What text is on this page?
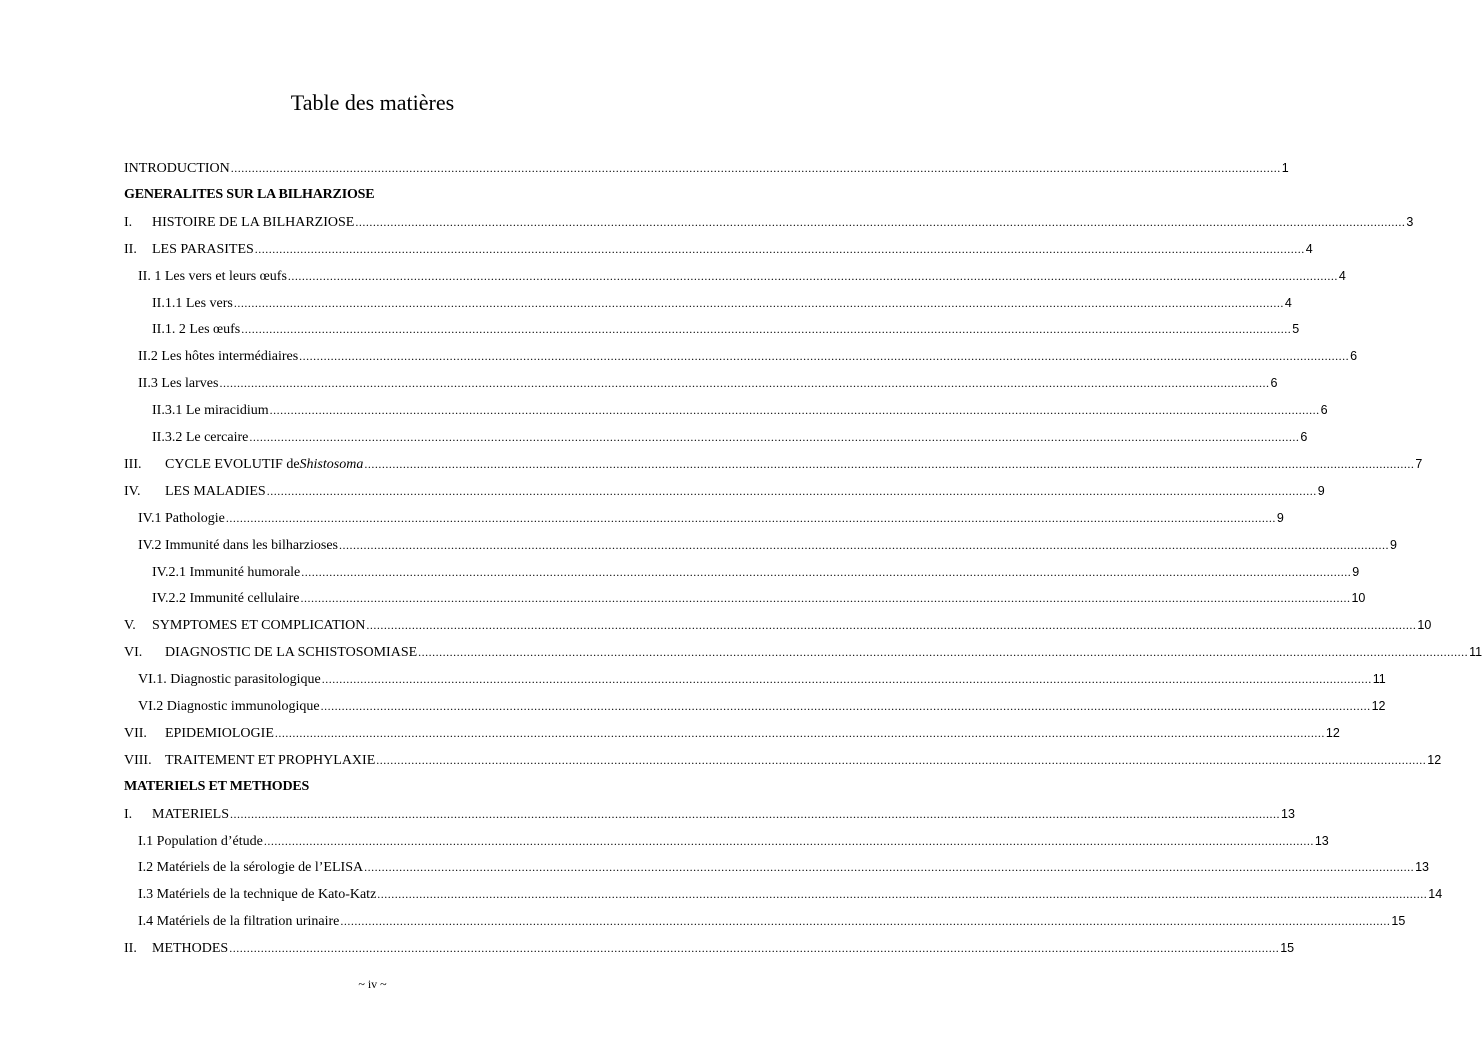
Table des matières
INTRODUCTION ............................................................................................................................................................................................................................................................................................................ 1
GENERALITES SUR LA BILHARZIOSE
I.	HISTOIRE DE LA BILHARZIOSE ............................................................................................................................................................................................................................................................................................................ 3
II.	LES PARASITES ............................................................................................................................................................................................................................................................................................................ 4
II. 1 Les vers et leurs œufs ............................................................................................................................................................................................................................................................................................................ 4
II.1.1 Les vers ............................................................................................................................................................................................................................................................................................................ 4
II.1. 2 Les œufs ............................................................................................................................................................................................................................................................................................................ 5
II.2 Les hôtes intermédiaires ............................................................................................................................................................................................................................................................................................................ 6
II.3 Les larves ............................................................................................................................................................................................................................................................................................................ 6
II.3.1 Le miracidium ............................................................................................................................................................................................................................................................................................................ 6
II.3.2 Le cercaire ............................................................................................................................................................................................................................................................................................................ 6
III.	CYCLE EVOLUTIF de Shistosoma ............................................................................................................................................................................................................................................................................................................ 7
IV.	LES MALADIES ............................................................................................................................................................................................................................................................................................................ 9
IV.1 Pathologie ............................................................................................................................................................................................................................................................................................................ 9
IV.2 Immunité dans les bilharzioses ............................................................................................................................................................................................................................................................................................................ 9
IV.2.1 Immunité humorale ............................................................................................................................................................................................................................................................................................................ 9
IV.2.2 Immunité cellulaire ............................................................................................................................................................................................................................................................................................................ 10
V.	SYMPTOMES ET COMPLICATION ............................................................................................................................................................................................................................................................................................................ 10
VI.	DIAGNOSTIC DE LA SCHISTOSOMIASE ............................................................................................................................................................................................................................................................................................................ 11
VI.1. Diagnostic parasitologique ............................................................................................................................................................................................................................................................................................................ 11
VI.2 Diagnostic immunologique ............................................................................................................................................................................................................................................................................................................ 12
VII.	EPIDEMIOLOGIE ............................................................................................................................................................................................................................................................................................................ 12
VIII. TRAITEMENT ET PROPHYLAXIE ............................................................................................................................................................................................................................................................................................................ 12
MATERIELS ET METHODES
I.	MATERIELS ............................................................................................................................................................................................................................................................................................................ 13
I.1 Population d’étude ............................................................................................................................................................................................................................................................................................................ 13
I.2 Matériels de la sérologie de l’ELISA ............................................................................................................................................................................................................................................................................................................ 13
I.3 Matériels de la technique de Kato-Katz ............................................................................................................................................................................................................................................................................................................ 14
I.4 Matériels de la filtration urinaire ............................................................................................................................................................................................................................................................................................................ 15
II.	METHODES ............................................................................................................................................................................................................................................................................................................ 15
~ iv ~
